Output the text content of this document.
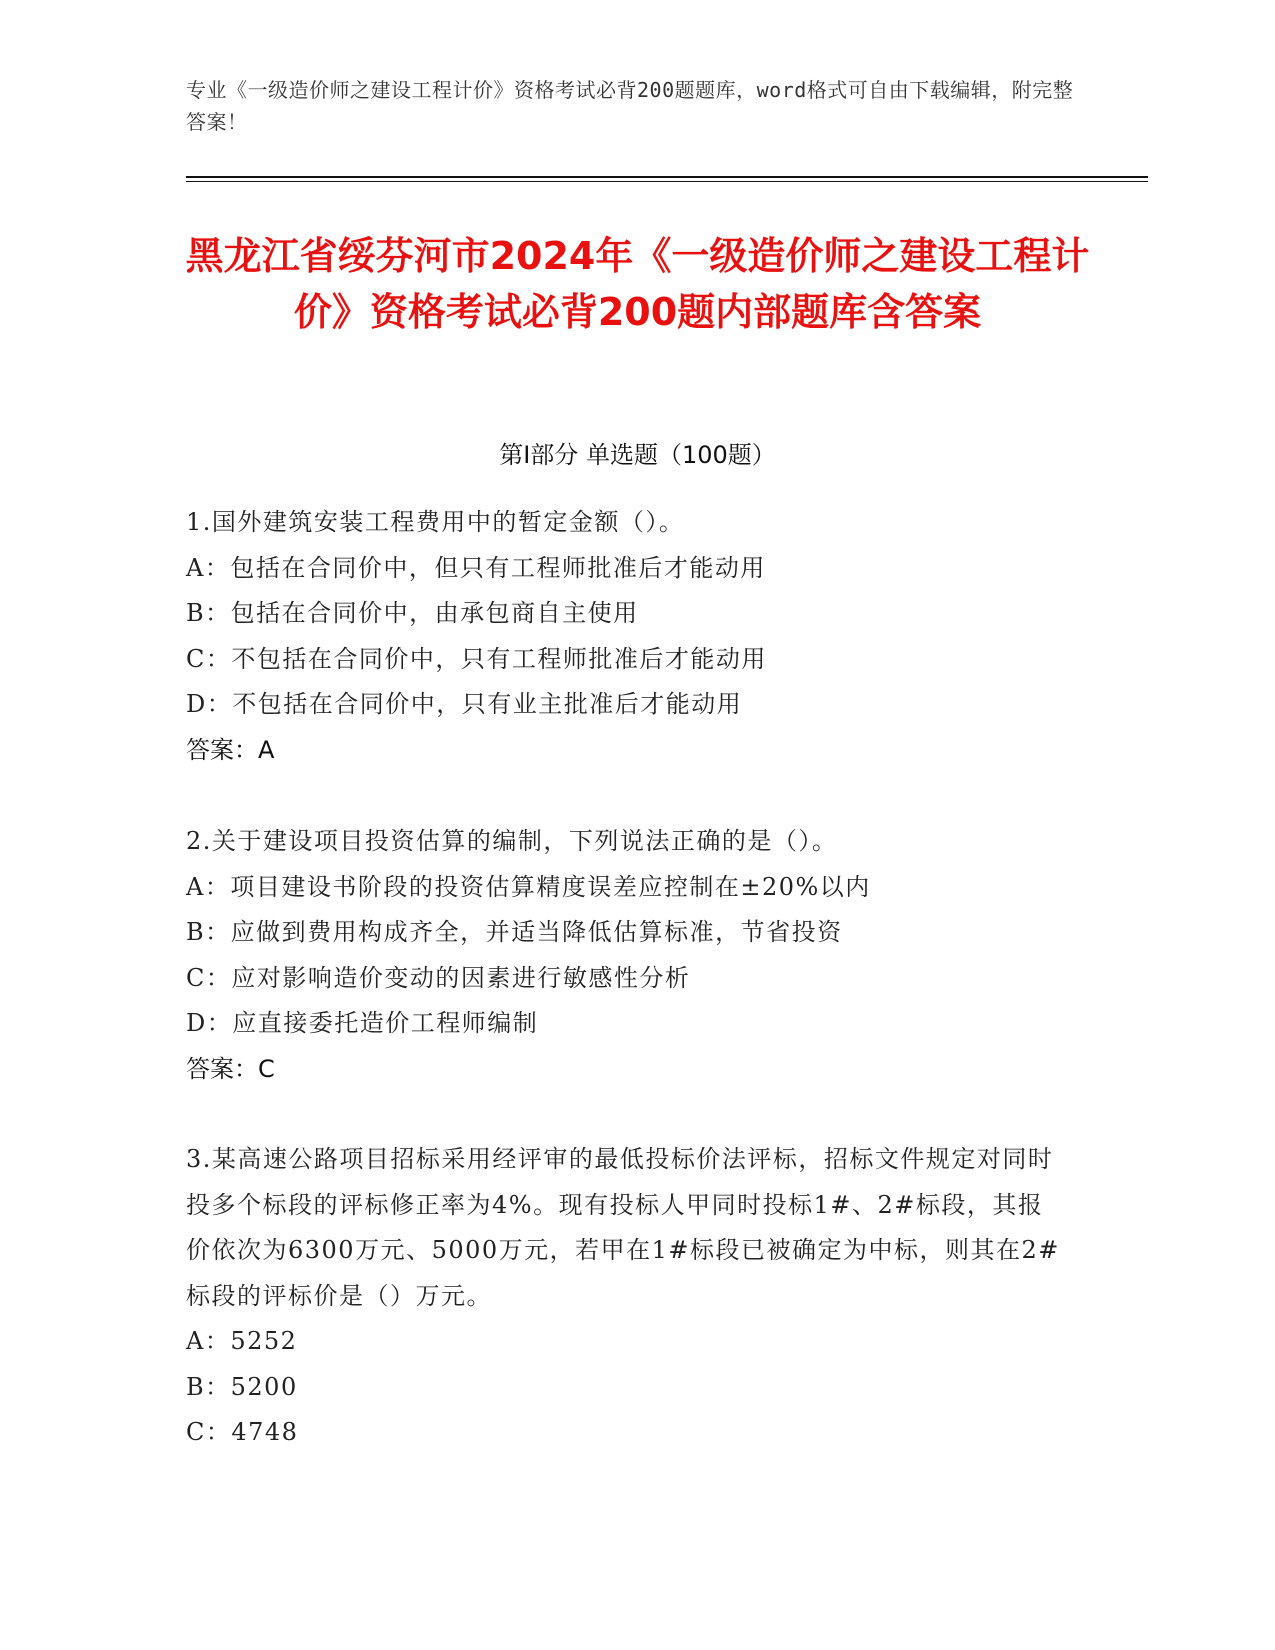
专业《一级造价师之建设工程计价》资格考试必背200题题库，word格式可自由下载编辑，附完整答案！
黑龙江省绥芬河市2024年《一级造价师之建设工程计价》资格考试必背200题内部题库含答案
第I部分 单选题（100题）
1.国外建筑安装工程费用中的暂定金额（）。
A：包括在合同价中，但只有工程师批准后才能动用
B：包括在合同价中，由承包商自主使用
C：不包括在合同价中，只有工程师批准后才能动用
D：不包括在合同价中，只有业主批准后才能动用
答案：A
2.关于建设项目投资估算的编制，下列说法正确的是（）。
A：项目建设书阶段的投资估算精度误差应控制在±20%以内
B：应做到费用构成齐全，并适当降低估算标准，节省投资
C：应对影响造价变动的因素进行敏感性分析
D：应直接委托造价工程师编制
答案：C
3.某高速公路项目招标采用经评审的最低投标价法评标，招标文件规定对同时投多个标段的评标修正率为4%。现有投标人甲同时投标1#、2#标段，其报价依次为6300万元、5000万元，若甲在1#标段已被确定为中标，则其在2#标段的评标价是（）万元。
A：5252
B：5200
C：4748
